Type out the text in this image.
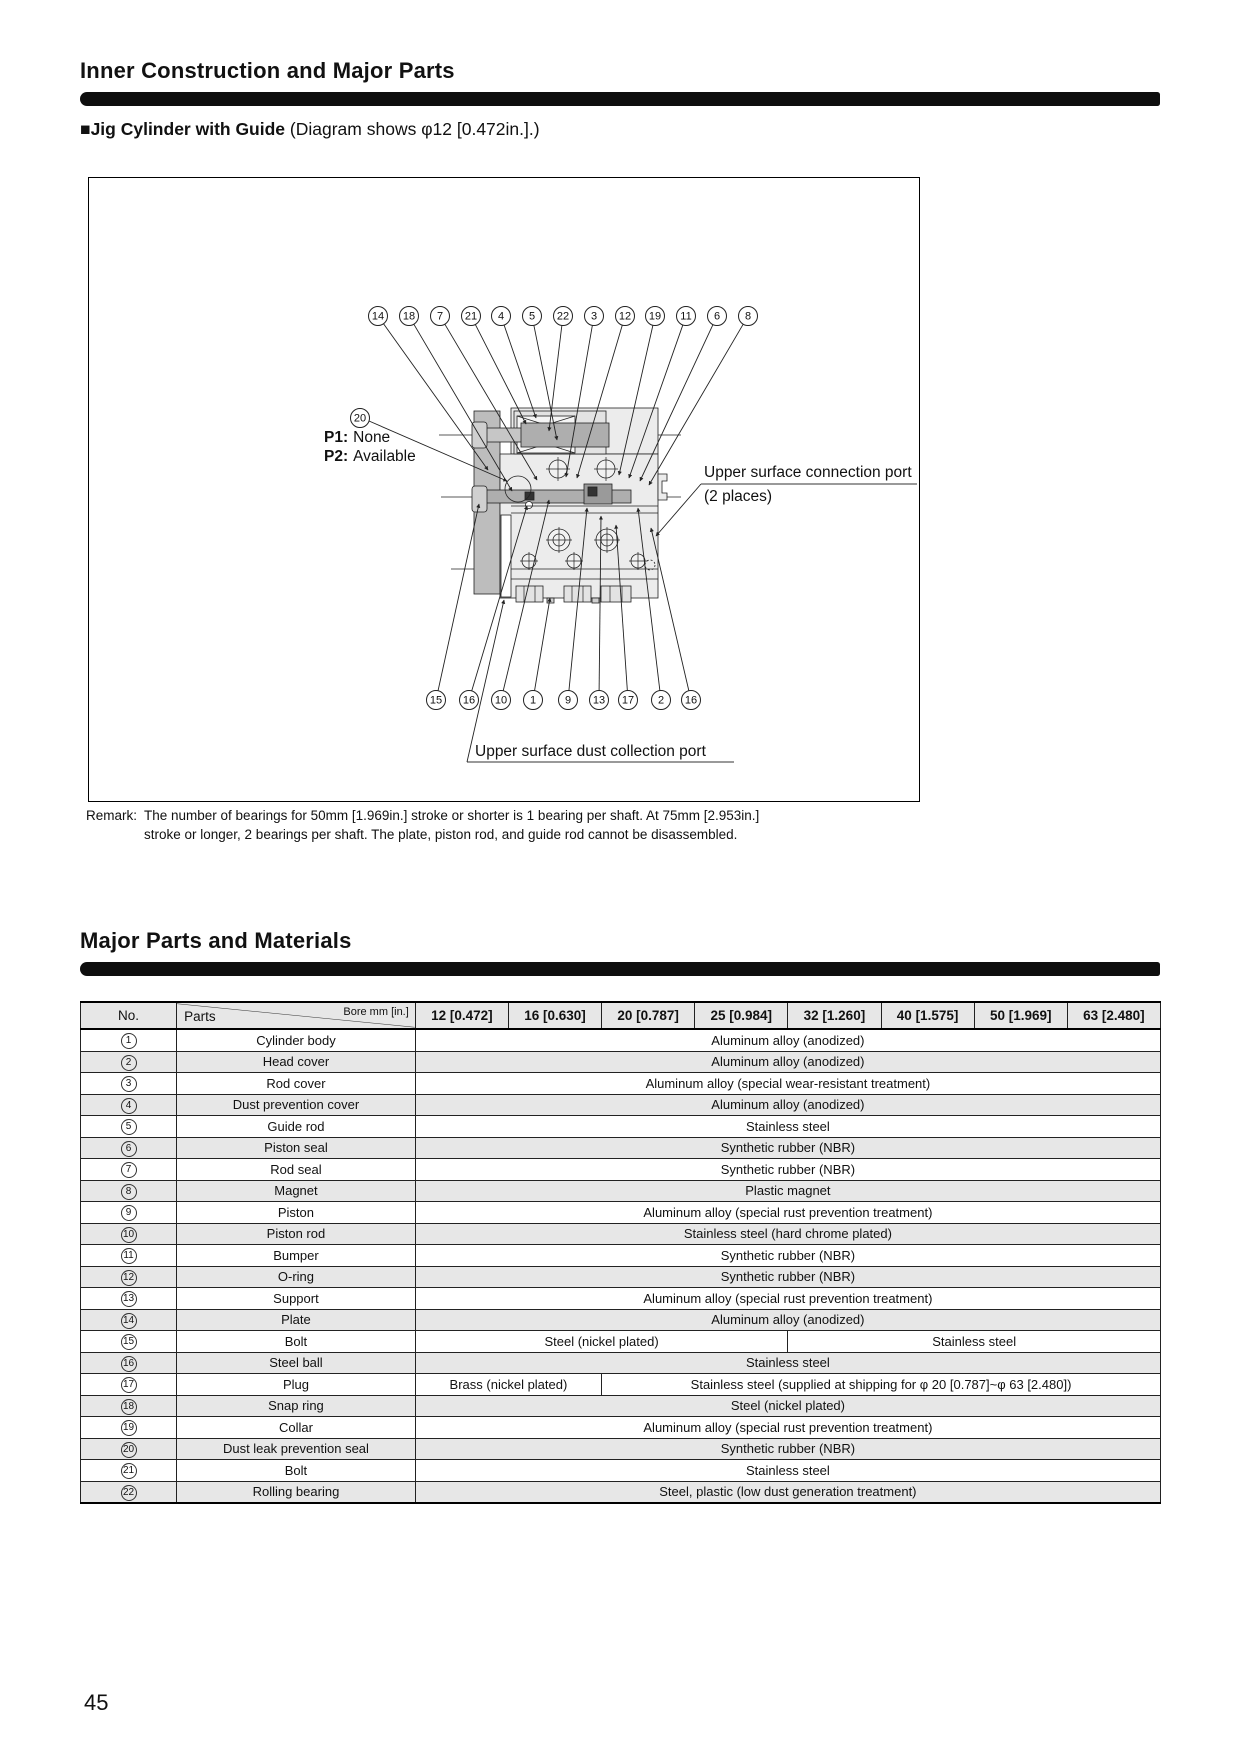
Inner Construction and Major Parts
■Jig Cylinder with Guide (Diagram shows φ12 [0.472in.].)
20
P1: None
P2: Available
Upper surface connection port
(2 places)
Upper surface dust collection port
14 18 7 21 4 5 22 3 12 19 11 6 8
15 16 10 1	9 13 17 2 16
Remark: The number of bearings for 50mm [1.969in.] stroke or shorter is 1 bearing per shaft. At 75mm [2.953in.]
stroke or longer, 2 bearings per shaft. The plate, piston rod, and guide rod cannot be disassembled.
Major Parts and Materials
No.	Parts Bore mm [in.]	12 [0.472]	16 [0.630]	20 [0.787]	25 [0.984]	32 [1.260]	40 [1.575]	50 [1.969]	63 [2.480]
1	Cylinder body	Aluminum alloy (anodized)							
2	Head cover	Aluminum alloy (anodized)							
3	Rod cover	Aluminum alloy (special wear-resistant treatment)							
4	Dust prevention cover	Aluminum alloy (anodized)							
5	Guide rod	Stainless steel							
6	Piston seal	Synthetic rubber (NBR)							
7	Rod seal	Synthetic rubber (NBR)							
8	Magnet	Plastic magnet							
9	Piston	Aluminum alloy (special rust prevention treatment)							
10	Piston rod	Stainless steel (hard chrome plated)							
11	Bumper	Synthetic rubber (NBR)							
12	O-ring	Synthetic rubber (NBR)							
13	Support	Aluminum alloy (special rust prevention treatment)							
14	Plate	Aluminum alloy (anodized)							
15	Bolt	Steel (nickel plated)				Stainless steel			
16	Steel ball	Stainless steel							
17	Plug	Brass (nickel plated)		Stainless steel (supplied at shipping for φ 20 [0.787]~φ 63 [2.480])					
18	Snap ring	Steel (nickel plated)							
19	Collar	Aluminum alloy (special rust prevention treatment)							
20	Dust leak prevention seal	Synthetic rubber (NBR)							
21	Bolt	Stainless steel							
22	Rolling bearing	Steel, plastic (low dust generation treatment)							
45
